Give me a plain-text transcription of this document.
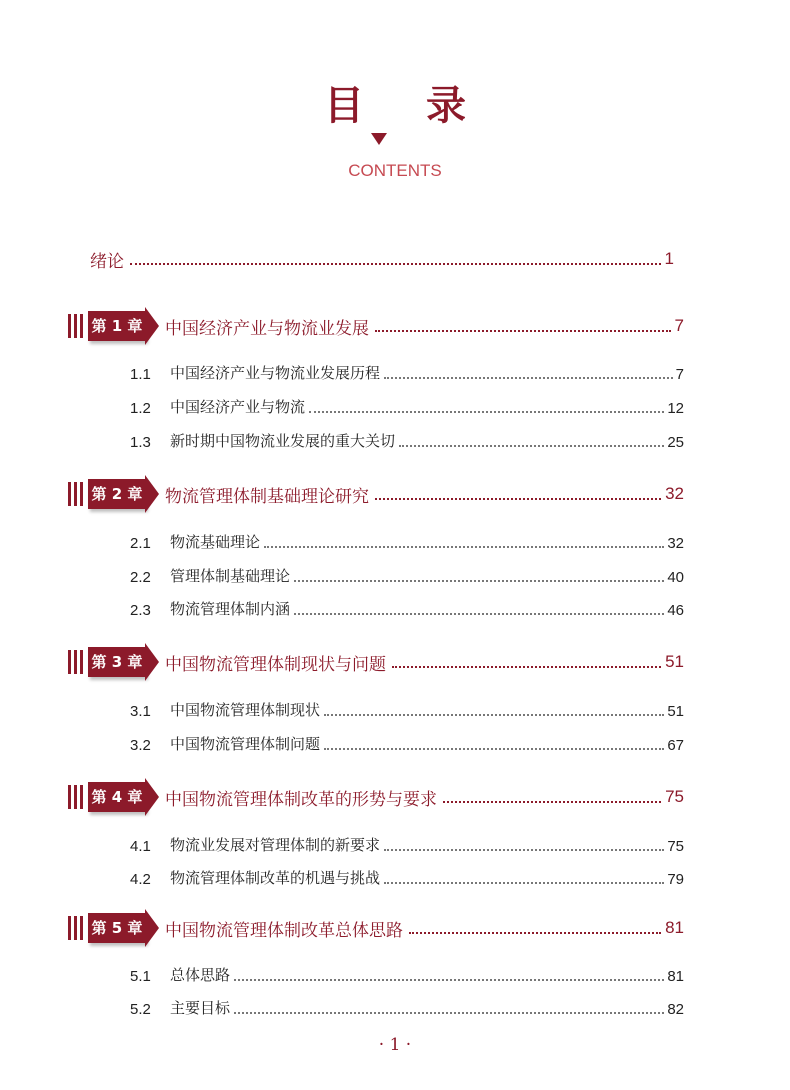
目录
CONTENTS
绪论	1
第 1 章 中国经济产业与物流业发展	7
1.1	中国经济产业与物流业发展历程	7
1.2	中国经济产业与物流	12
1.3	新时期中国物流业发展的重大关切	25
第 2 章 物流管理体制基础理论研究	32
2.1	物流基础理论	32
2.2	管理体制基础理论	40
2.3	物流管理体制内涵	46
第 3 章 中国物流管理体制现状与问题	51
3.1	中国物流管理体制现状	51
3.2	中国物流管理体制问题	67
第 4 章 中国物流管理体制改革的形势与要求	75
4.1	物流业发展对管理体制的新要求	75
4.2	物流管理体制改革的机遇与挑战	79
第 5 章 中国物流管理体制改革总体思路	81
5.1	总体思路	81
5.2	主要目标	82
· 1 ·
